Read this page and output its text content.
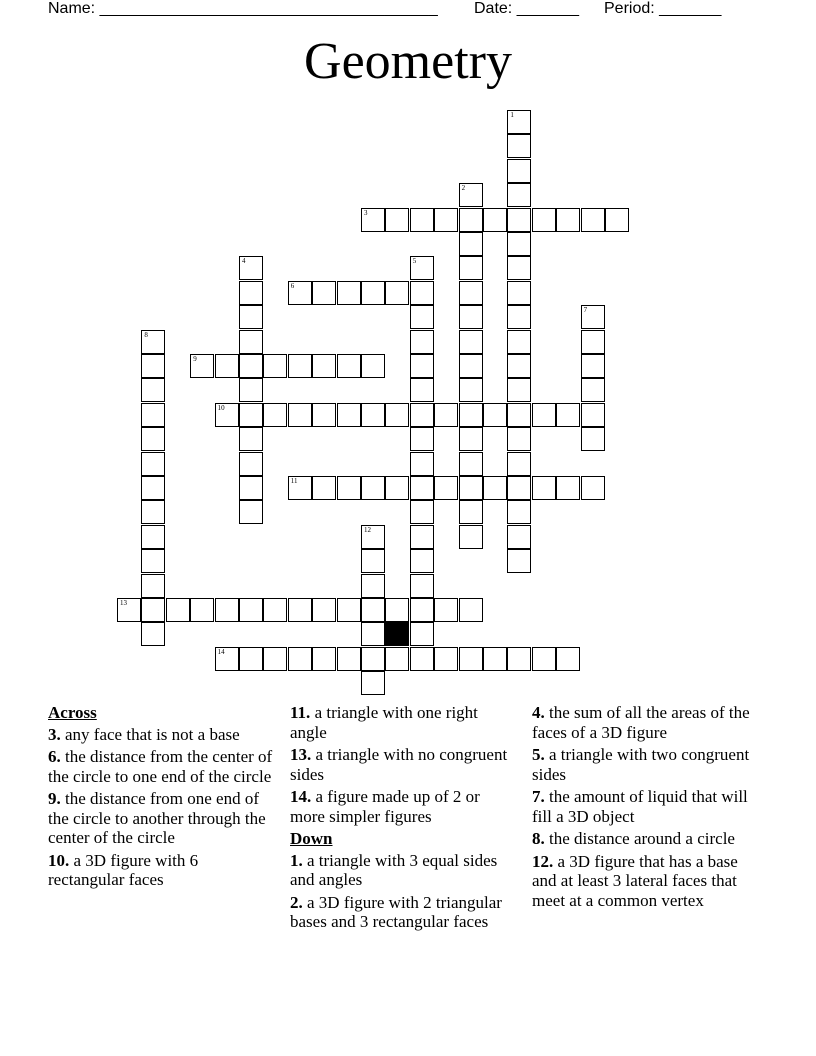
Name: ______________________________________ Date: _______ Period: _______
Geometry
1
2
3
4	5
6
7
8
9
10
11
12
13
14
Across
3. any face that is not a base
6. the distance from the center of the circle to one end of the circle
9. the distance from one end of the circle to another through the center of the circle
10. a 3D figure with 6 rectangular faces
11. a triangle with one right angle
13. a triangle with no congruent sides
14. a figure made up of 2 or more simpler figures
Down
1. a triangle with 3 equal sides and angles
2. a 3D figure with 2 triangular bases and 3 rectangular faces
4. the sum of all the areas of the faces of a 3D figure
5. a triangle with two congruent sides
7. the amount of liquid that will fill a 3D object
8. the distance around a circle
12. a 3D figure that has a base and at least 3 lateral faces that meet at a common vertex
